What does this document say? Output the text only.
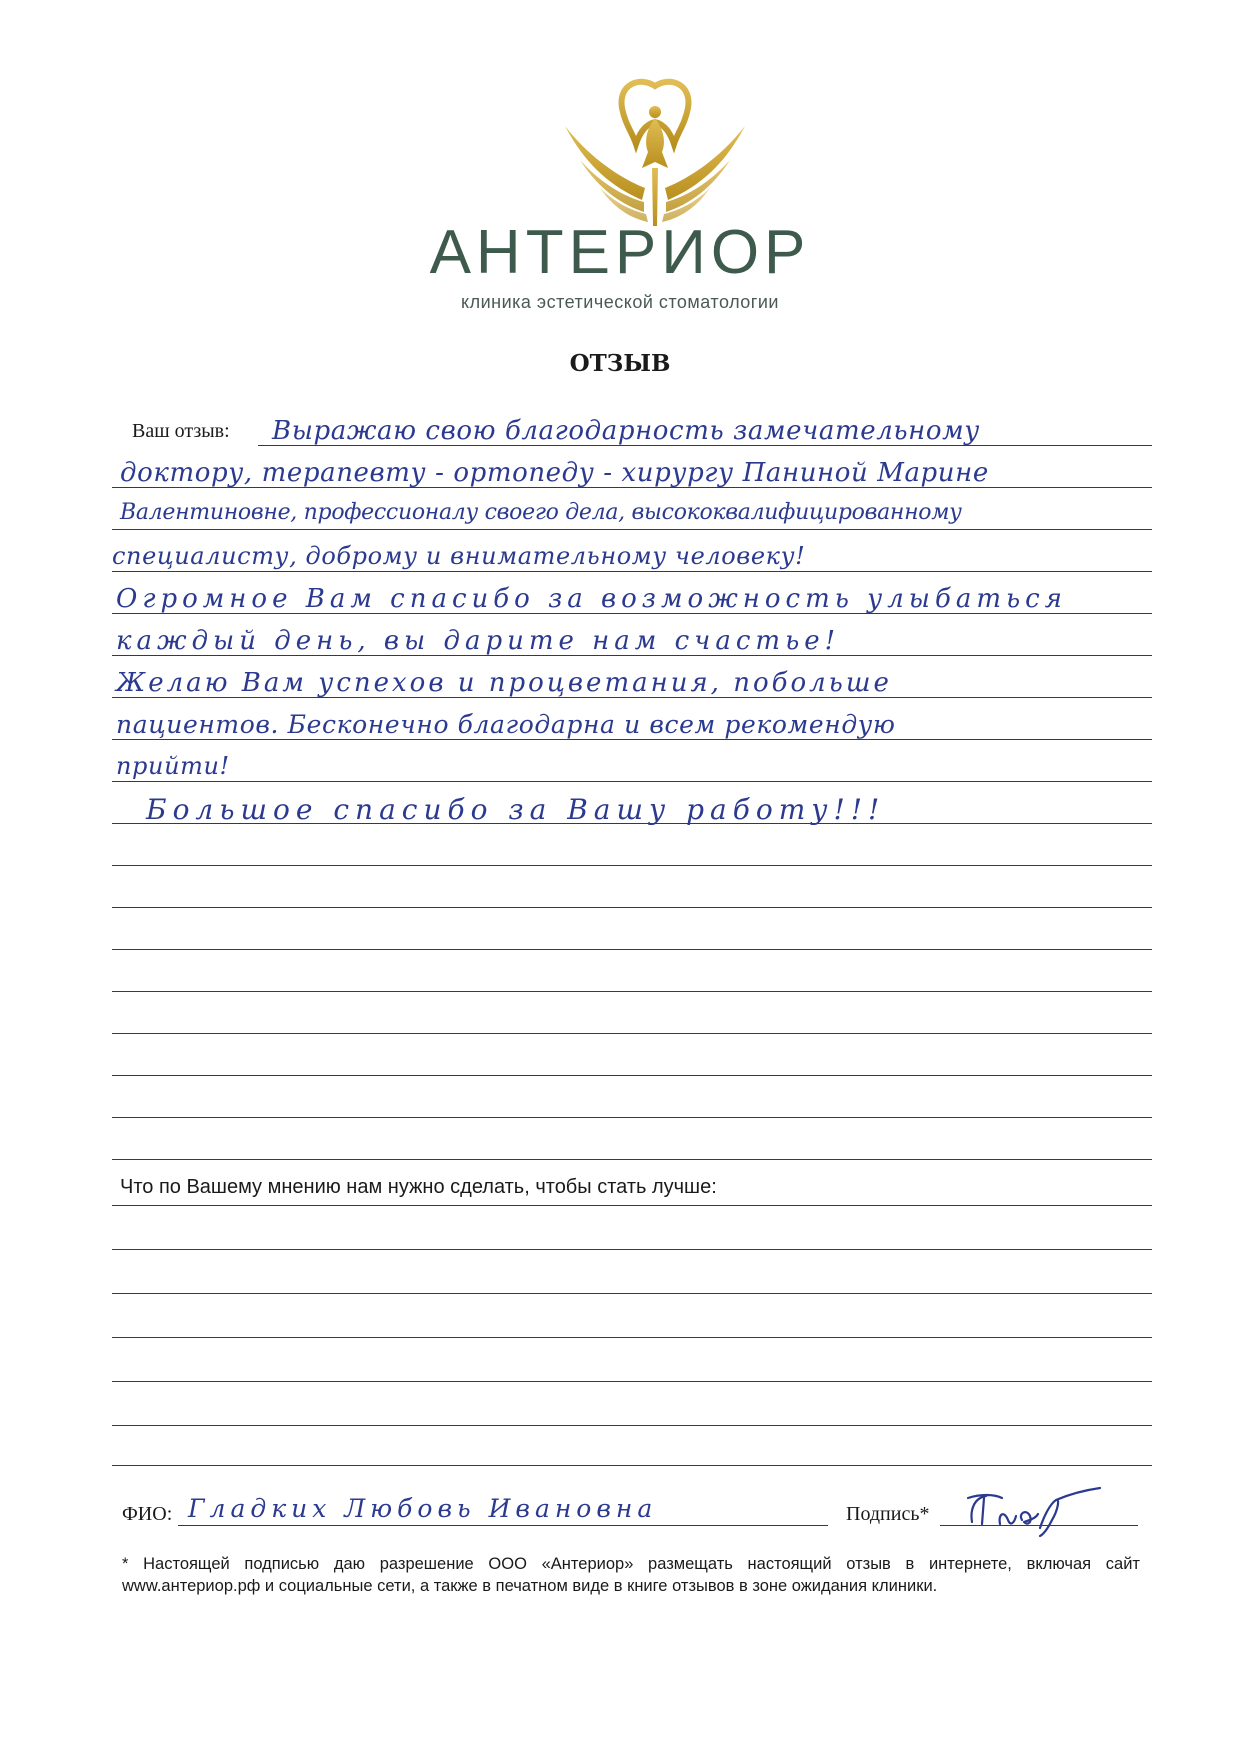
АНТЕРИОР
клиника эстетической стоматологии
ОТЗЫВ
Ваш отзыв: Выражаю свою благодарность замечательному
доктору, терапевту - ортопеду - хирургу Паниной Марине
Валентиновне, профессионалу своего дела, высококвалифицированному
специалисту, доброму и внимательному человеку!
Огромное Вам спасибо за возможность улыбаться
каждый день, вы дарите нам счастье!
Желаю Вам успехов и процветания, побольше
пациентов. Бесконечно благодарна и всем рекомендую
прийти!
Большое спасибо за Вашу работу!!!
Что по Вашему мнению нам нужно сделать, чтобы стать лучше:
ФИО: Гладких Любовь Ивановна	Подпись*
* Настоящей подписью даю разрешение ООО «Антериор» размещать настоящий отзыв в интернете, включая сайт www.антериор.рф и социальные сети, а также в печатном виде в книге отзывов в зоне ожидания клиники.
